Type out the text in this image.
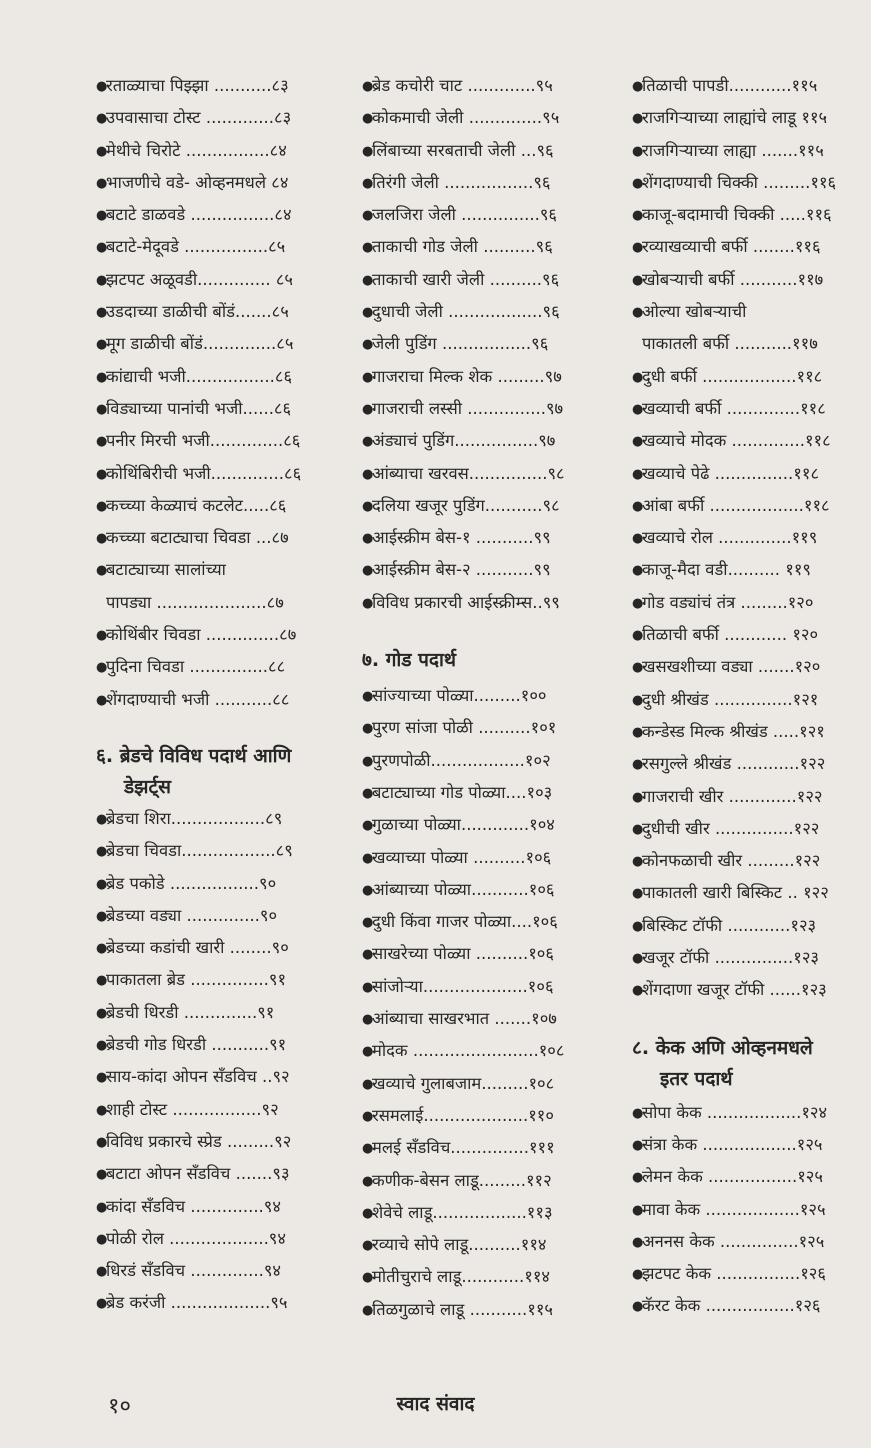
●रताळ्याचा पिझ्झा ...........८३
●उपवासाचा टोस्ट .............८३
●मेथीचे चिरोटे ................८४
●भाजणीचे वडे- ओव्हनमधले ८४
●बटाटे डाळवडे ................८४
●बटाटे-मेदूवडे ................८५
●झटपट अळूवडी.............. ८५
●उडदाच्या डाळीची बोंडं.......८५
●मूग डाळीची बोंडं..............८५
●कांद्याची भजी.................८६
●विड्याच्या पानांची भजी......८६
●पनीर मिरची भजी..............८६
●कोथिंबिरीची भजी..............८६
●कच्च्या केळ्याचं कटलेट.....८६
●कच्च्या बटाट्याचा चिवडा ...८७
●बटाट्याच्या सालांच्या
पापड्या .....................८७
●कोथिंबीर चिवडा ..............८७
●पुदिना चिवडा ...............८८
●शेंगदाण्याची भजी ...........८८
६. ब्रेडचे विविध पदार्थ आणि
डेझर्ट्स
●ब्रेडचा शिरा..................८९
●ब्रेडचा चिवडा..................८९
●ब्रेड पकोडे .................९०
●ब्रेडच्या वड्या ..............९०
●ब्रेडच्या कडांची खारी ........९०
●पाकातला ब्रेड ...............९१
●ब्रेडची धिरडी ..............९१
●ब्रेडची गोड धिरडी ...........९१
●साय-कांदा ओपन सँडविच ..९२
●शाही टोस्ट .................९२
●विविध प्रकारचे स्प्रेड .........९२
●बटाटा ओपन सँडविच .......९३
●कांदा सँडविच ..............९४
●पोळी रोल ...................९४
●धिरडं सँडविच ..............९४
●ब्रेड करंजी ...................९५
●ब्रेड कचोरी चाट .............९५
●कोकमाची जेली ..............९५
●लिंबाच्या सरबताची जेली ...९६
●तिरंगी जेली .................९६
●जलजिरा जेली ...............९६
●ताकाची गोड जेली ..........९६
●ताकाची खारी जेली ..........९६
●दुधाची जेली ..................९६
●जेली पुडिंग .................९६
●गाजराचा मिल्क शेक .........९७
●गाजराची लस्सी ...............९७
●अंड्याचं पुडिंग................९७
●आंब्याचा खरवस...............९८
●दलिया खजूर पुडिंग...........९८
●आईस्क्रीम बेस-१ ...........९९
●आईस्क्रीम बेस-२ ...........९९
●विविध प्रकारची आईस्क्रीम्स..९९
७. गोड पदार्थ
●सांज्याच्या पोळ्या.........१००
●पुरण सांजा पोळी ..........१०१
●पुरणपोळी..................१०२
●बटाट्याच्या गोड पोळ्या....१०३
●गुळाच्या पोळ्या.............१०४
●खव्याच्या पोळ्या ..........१०६
●आंब्याच्या पोळ्या...........१०६
●दुधी किंवा गाजर पोळ्या....१०६
●साखरेच्या पोळ्या ..........१०६
●सांजोऱ्या....................१०६
●आंब्याचा साखरभात .......१०७
●मोदक ........................१०८
●खव्याचे गुलाबजाम.........१०८
●रसमलाई....................११०
●मलई सँडविच...............१११
●कणीक-बेसन लाडू.........११२
●शेवेचे लाडू..................११३
●रव्याचे सोपे लाडू..........११४
●मोतीचुराचे लाडू............११४
●तिळगुळाचे लाडू ...........११५
●तिळाची पापडी............११५
●राजगिऱ्याच्या लाह्यांचे लाडू ११५
●राजगिऱ्याच्या लाह्या .......११५
●शेंगदाण्याची चिक्की .........११६
●काजू-बदामाची चिक्की .....११६
●रव्याखव्याची बर्फी ........११६
●खोबऱ्याची बर्फी ...........११७
●ओल्या खोबऱ्याची
पाकातली बर्फी ...........११७
●दुधी बर्फी ..................११८
●खव्याची बर्फी ..............११८
●खव्याचे मोदक ..............११८
●खव्याचे पेढे ...............११८
●आंबा बर्फी ..................११८
●खव्याचे रोल ..............११९
●काजू-मैदा वडी.......... ११९
●गोड वड्यांचं तंत्र .........१२०
●तिळाची बर्फी ............ १२०
●खसखशीच्या वड्या .......१२०
●दुधी श्रीखंड ...............१२१
●कन्डेस्ड मिल्क श्रीखंड .....१२१
●रसगुल्ले श्रीखंड ............१२२
●गाजराची खीर .............१२२
●दुधीची खीर ...............१२२
●कोनफळाची खीर .........१२२
●पाकातली खारी बिस्किट .. १२२
●बिस्किट टॉफी ............१२३
●खजूर टॉफी ...............१२३
●शेंगदाणा खजूर टॉफी ......१२३
८. केक अणि ओव्हनमधले
इतर पदार्थ
●सोपा केक ..................१२४
●संत्रा केक ..................१२५
●लेमन केक .................१२५
●मावा केक ..................१२५
●अननस केक ...............१२५
●झटपट केक ................१२६
●कॅरट केक .................१२६
१०	स्वाद संवाद
